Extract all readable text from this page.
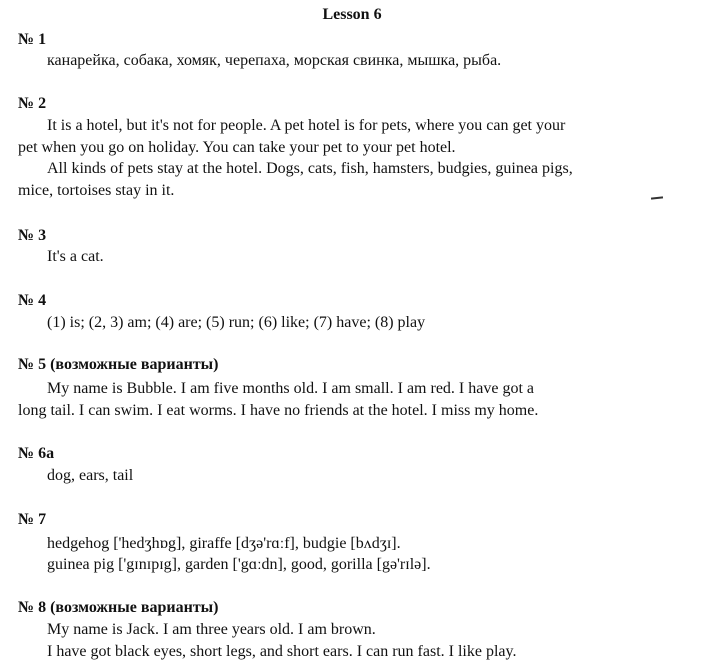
Lesson 6
№ 1
канарейка, собака, хомяк, черепаха, морская свинка, мышка, рыба.
№ 2
It is a hotel, but it's not for people. A pet hotel is for pets, where you can get your
pet when you go on holiday. You can take your pet to your pet hotel.
All kinds of pets stay at the hotel. Dogs, cats, fish, hamsters, budgies, guinea pigs,
mice, tortoises stay in it.
№ 3
It's a cat.
№ 4
(1) is; (2, 3) am; (4) are; (5) run; (6) like; (7) have; (8) play
№ 5 (возможные варианты)
My name is Bubble. I am five months old. I am small. I am red. I have got a
long tail. I can swim. I eat worms. I have no friends at the hotel. I miss my home.
№ 6a
dog, ears, tail
№ 7
hedgehog ['hedʒhɒg], giraffe [dʒə'rɑːf], budgie [bʌdʒɪ].
guinea pig ['gɪnɪpɪg], garden ['gɑːdn], good, gorilla [gə'rɪlə].
№ 8 (возможные варианты)
My name is Jack. I am three years old. I am brown.
I have got black eyes, short legs, and short ears. I can run fast. I like play.
